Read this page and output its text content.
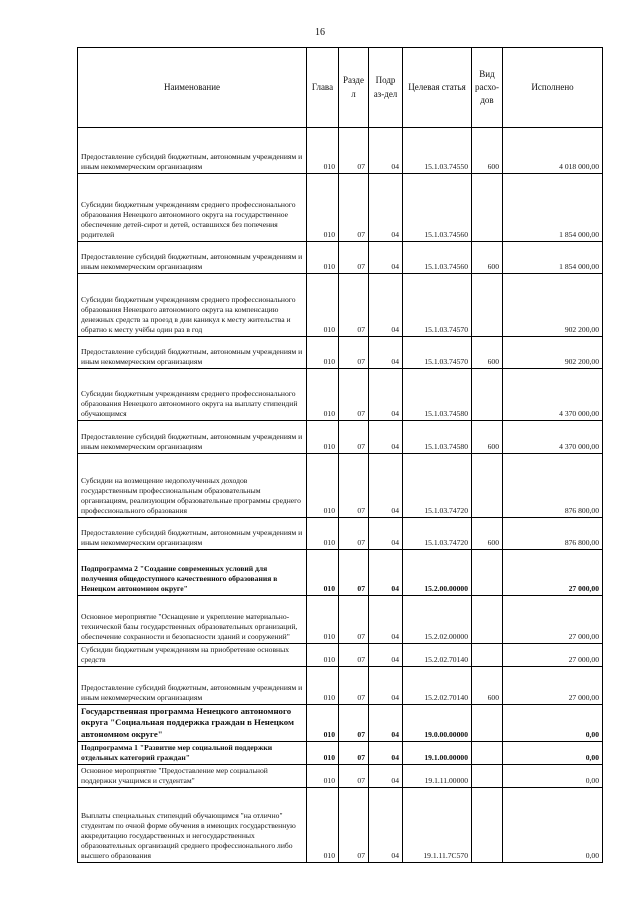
16
Наименование	Глава	Разде л	Подр аз-дел	Целевая статья	Вид расхо-дов	Исполнено
Предоставление субсидий бюджетным, автономным учреждениям и иным некоммерческим организациям	010	07	04	15.1.03.74550	600	4 018 000,00
Субсидии бюджетным учреждениям среднего профессионального образования Ненецкого автономного округа на государственное обеспечение детей-сирот и детей, оставшихся без попечения родителей	010	07	04	15.1.03.74560		1 854 000,00
Предоставление субсидий бюджетным, автономным учреждениям и иным некоммерческим организациям	010	07	04	15.1.03.74560	600	1 854 000,00
Субсидии бюджетным учреждениям среднего профессионального образования Ненецкого автономного округа на компенсацию денежных средств за проезд в дни каникул к месту жительства и обратно к месту учёбы один раз в год	010	07	04	15.1.03.74570		902 200,00
Предоставление субсидий бюджетным, автономным учреждениям и иным некоммерческим организациям	010	07	04	15.1.03.74570	600	902 200,00
Субсидии бюджетным учреждениям среднего профессионального образования Ненецкого автономного округа на выплату стипендий обучающимся	010	07	04	15.1.03.74580		4 370 000,00
Предоставление субсидий бюджетным, автономным учреждениям и иным некоммерческим организациям	010	07	04	15.1.03.74580	600	4 370 000,00
Субсидии на возмещение недополученных доходов государственным профессиональным образовательным организациям, реализующим образовательные программы среднего профессионального образования	010	07	04	15.1.03.74720		876 800,00
Предоставление субсидий бюджетным, автономным учреждениям и иным некоммерческим организациям	010	07	04	15.1.03.74720	600	876 800,00
Подпрограмма 2 "Создание современных условий для получения общедоступного качественного образования в Ненецком автономном округе"	010	07	04	15.2.00.00000		27 000,00
Основное мероприятие "Оснащение и укрепление материально-технической базы государственных образовательных организаций, обеспечение сохранности и безопасности зданий и сооружений"	010	07	04	15.2.02.00000		27 000,00
Субсидии бюджетным учреждениям на приобретение основных средств	010	07	04	15.2.02.70140		27 000,00
Предоставление субсидий бюджетным, автономным учреждениям и иным некоммерческим организациям	010	07	04	15.2.02.70140	600	27 000,00
Государственная программа Ненецкого автономного округа "Социальная поддержка граждан в Ненецком автономном округе"	010	07	04	19.0.00.00000		0,00
Подпрограмма 1 "Развитие мер социальной поддержки отдельных категорий граждан"	010	07	04	19.1.00.00000		0,00
Основное мероприятие "Предоставление мер социальной поддержки учащимся и студентам"	010	07	04	19.1.11.00000		0,00
Выплаты специальных стипендий обучающимся "на отлично" студентам по очной форме обучения в имеющих государственную аккредитацию государственных и негосударственных образовательных организаций среднего профессионального либо высшего образования	010	07	04	19.1.11.7С570		0,00
